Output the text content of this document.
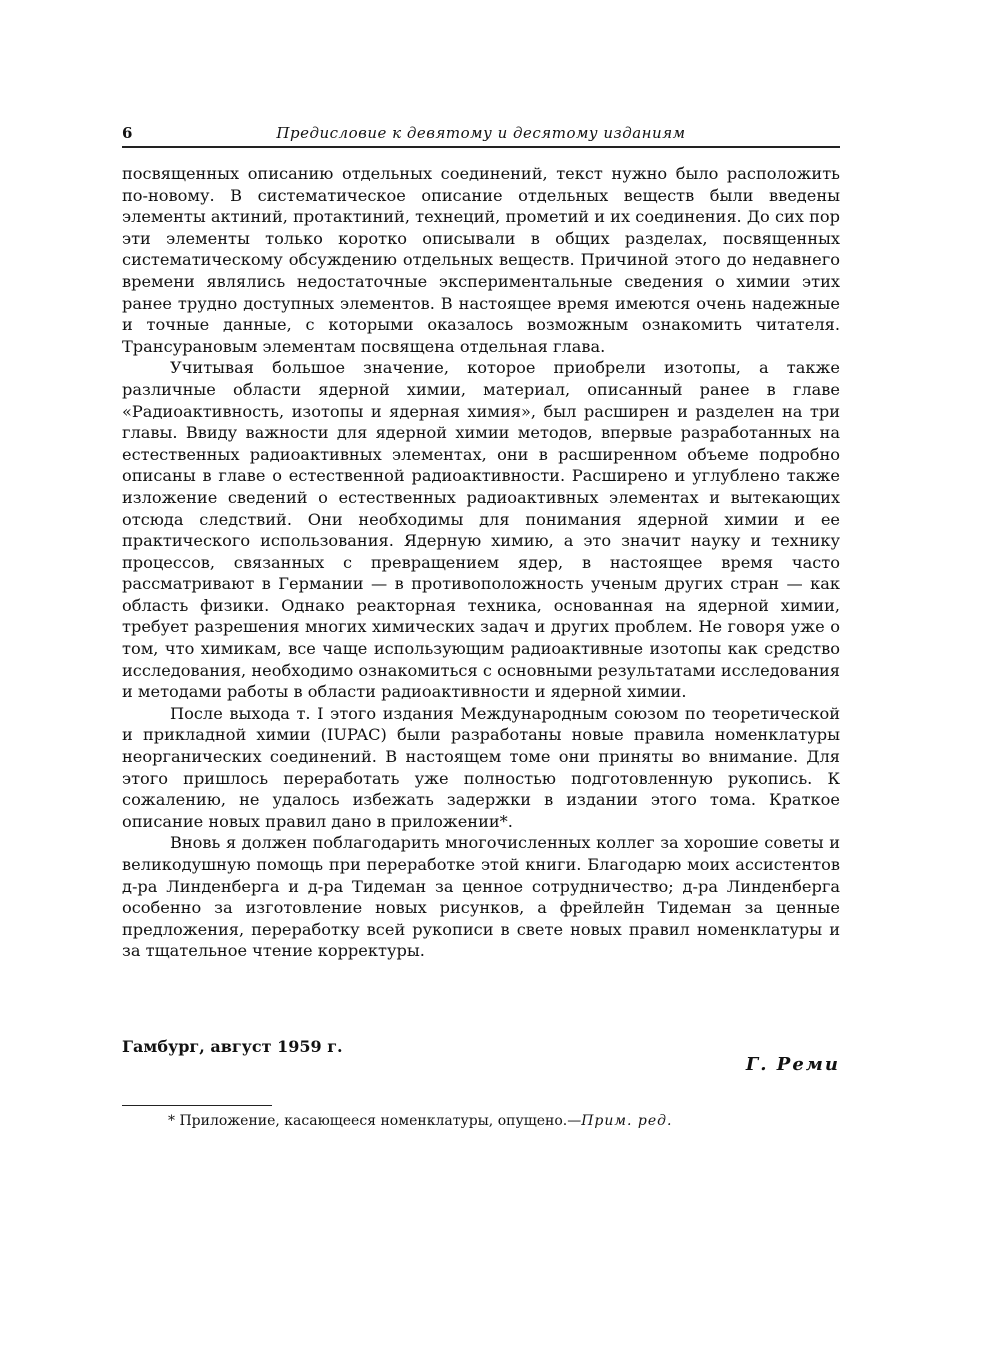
6	Предисловие к девятому и десятому изданиям

посвященных описанию отдельных соединений, текст нужно было расположить по-новому. В систематическое описание отдельных веществ были введены элементы актиний, протактиний, технеций, прометий и их соединения. До сих пор эти элементы только коротко описывали в общих разделах, посвященных систематическому обсуждению отдельных веществ. Причиной этого до недавнего времени являлись недостаточные экспериментальные сведения о химии этих ранее трудно доступных элементов. В настоящее время имеются очень надежные и точные данные, с которыми оказалось возможным ознакомить читателя. Трансурановым элементам посвящена отдельная глава.

Учитывая большое значение, которое приобрели изотопы, а также различные области ядерной химии, материал, описанный ранее в главе «Радиоактивность, изотопы и ядерная химия», был расширен и разделен на три главы. Ввиду важности для ядерной химии методов, впервые разработанных на естественных радиоактивных элементах, они в расширенном объеме подробно описаны в главе о естественной радиоактивности. Расширено и углублено также изложение сведений о естественных радиоактивных элементах и вытекающих отсюда следствий. Они необходимы для понимания ядерной химии и ее практического использования. Ядерную химию, а это значит науку и технику процессов, связанных с превращением ядер, в настоящее время часто рассматривают в Германии — в противоположность ученым других стран — как область физики. Однако реакторная техника, основанная на ядерной химии, требует разрешения многих химических задач и других проблем. Не говоря уже о том, что химикам, все чаще использующим радиоактивные изотопы как средство исследования, необходимо ознакомиться с основными результатами исследования и методами работы в области радиоактивности и ядерной химии.

После выхода т. I этого издания Международным союзом по теоретической и прикладной химии (IUPAC) были разработаны новые правила номенклатуры неорганических соединений. В настоящем томе они приняты во внимание. Для этого пришлось переработать уже полностью подготовленную рукопись. К сожалению, не удалось избежать задержки в издании этого тома. Краткое описание новых правил дано в приложении*.

Вновь я должен поблагодарить многочисленных коллег за хорошие советы и великодушную помощь при переработке этой книги. Благодарю моих ассистентов д-ра Линденберга и д-ра Тидеман за ценное сотрудничество; д-ра Линденберга особенно за изготовление новых рисунков, а фрейлейн Тидеман за ценные предложения, переработку всей рукописи в свете новых правил номенклатуры и за тщательное чтение корректуры.

Гамбург, август 1959 г.
Г. Реми
* Приложение, касающееся номенклатуры, опущено.—Прим. ред.
